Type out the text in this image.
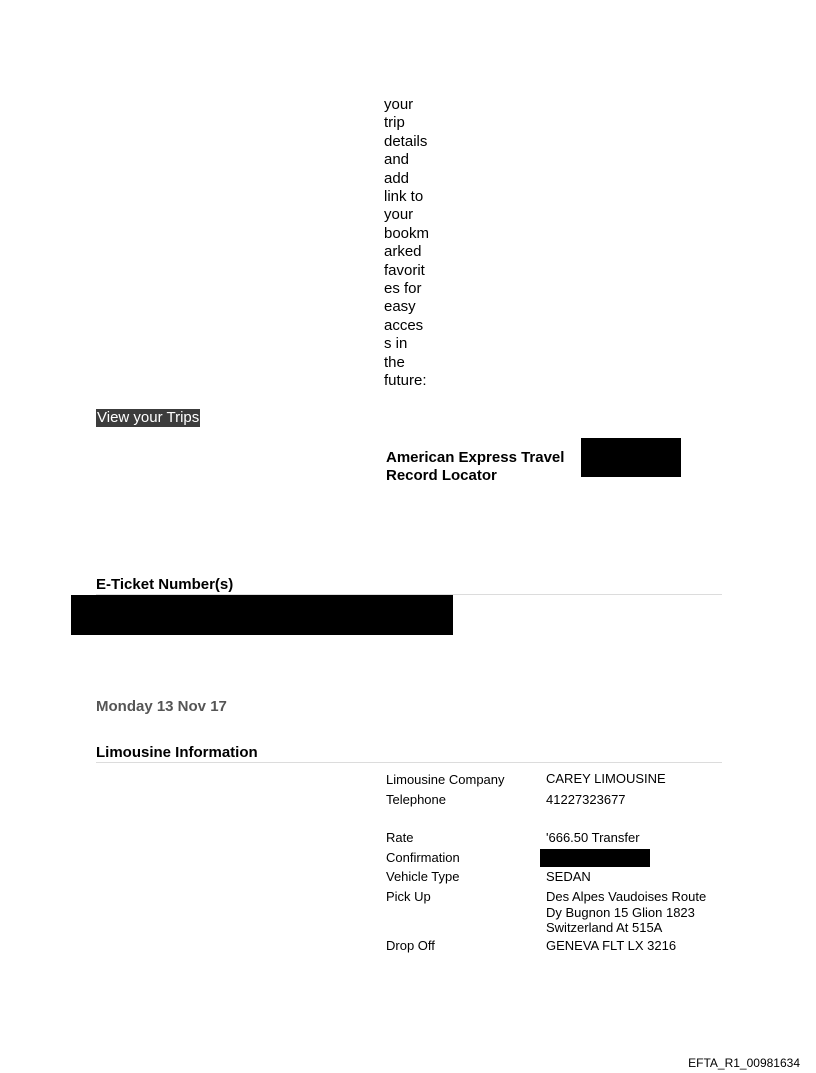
your
trip
details
and
add
link to
your
bookm
arked
favorit
es for
easy
acces
s in
the
future:
View your Trips
American Express Travel
Record Locator
E-Ticket Number(s)
Monday 13 Nov 17
Limousine Information
Limousine Company	CAREY LIMOUSINE
Telephone	41227323677
Rate	'666.50 Transfer
Confirmation
Vehicle Type	SEDAN
Pick Up	Des Alpes Vaudoises Route
Dy Bugnon 15 Glion 1823
Switzerland At 515A
Drop Off	GENEVA FLT LX 3216
EFTA_R1_00981634
